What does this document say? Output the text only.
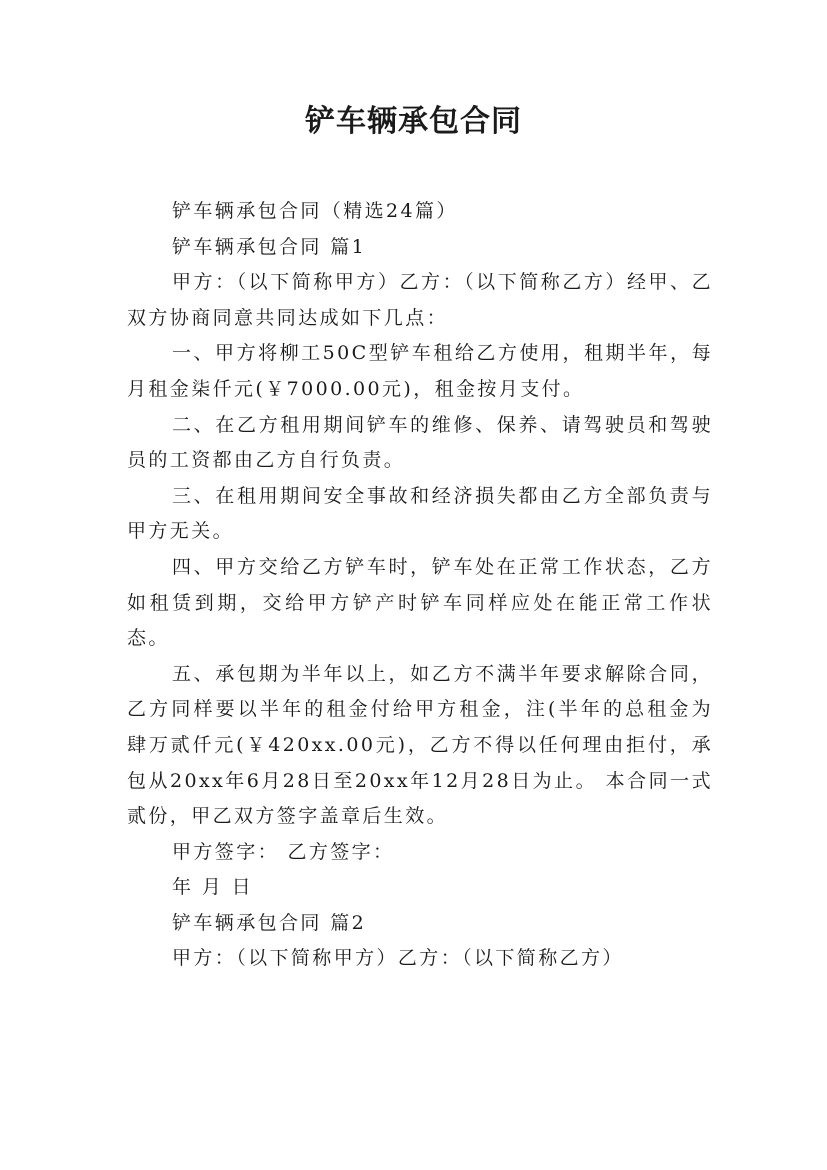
铲车辆承包合同

铲车辆承包合同（精选24篇）

铲车辆承包合同 篇1

甲方：（以下简称甲方）乙方：（以下简称乙方）经甲、乙双方协商同意共同达成如下几点：

一、甲方将柳工50C型铲车租给乙方使用，租期半年，每月租金柒仟元(￥7000.00元)，租金按月支付。

二、在乙方租用期间铲车的维修、保养、请驾驶员和驾驶员的工资都由乙方自行负责。

三、在租用期间安全事故和经济损失都由乙方全部负责与甲方无关。

四、甲方交给乙方铲车时，铲车处在正常工作状态，乙方如租赁到期，交给甲方铲产时铲车同样应处在能正常工作状态。

五、承包期为半年以上，如乙方不满半年要求解除合同，乙方同样要以半年的租金付给甲方租金，注(半年的总租金为肆万贰仟元(￥420xx.00元)，乙方不得以任何理由拒付，承包从20xx年6月28日至20xx年12月28日为止。 本合同一式贰份，甲乙双方签字盖章后生效。

甲方签字： 乙方签字：

年 月 日

铲车辆承包合同 篇2

甲方：（以下简称甲方）乙方：（以下简称乙方）
